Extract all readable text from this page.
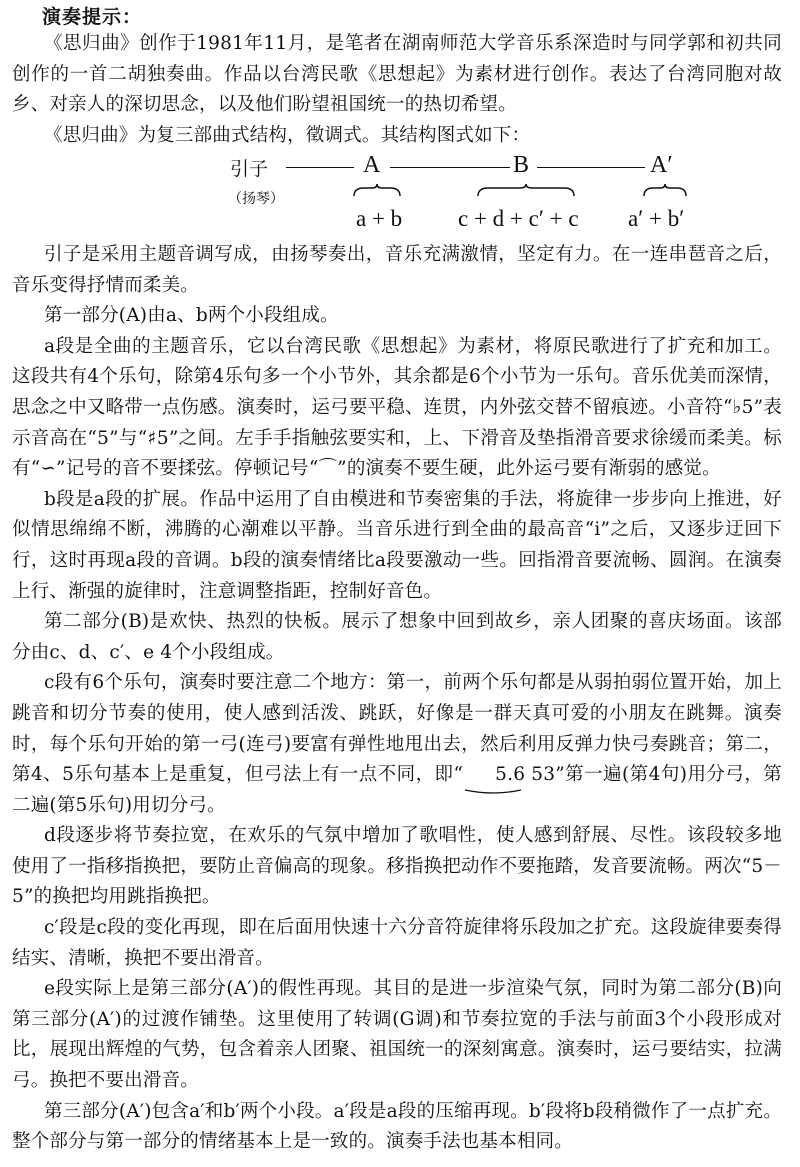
演奏提示：

《思归曲》创作于1981年11月，是笔者在湖南师范大学音乐系深造时与同学郭和初共同创作的一首二胡独奏曲。作品以台湾民歌《思想起》为素材进行创作。表达了台湾同胞对故乡、对亲人的深切思念，以及他们盼望祖国统一的热切希望。

《思归曲》为复三部曲式结构，徵调式。其结构图式如下：

引子
（扬琴）
A	B	A′
a + b c + d + c′ + c a′ + b′

引子是采用主题音调写成，由扬琴奏出，音乐充满激情，坚定有力。在一连串琶音之后，音乐变得抒情而柔美。

第一部分(A)由a、b两个小段组成。

a段是全曲的主题音乐，它以台湾民歌《思想起》为素材，将原民歌进行了扩充和加工。这段共有4个乐句，除第4乐句多一个小节外，其余都是6个小节为一乐句。音乐优美而深情，思念之中又略带一点伤感。演奏时，运弓要平稳、连贯，内外弦交替不留痕迹。小音符“♭5”表示音高在“5”与“♯5”之间。左手手指触弦要实和，上、下滑音及垫指滑音要求徐缓而柔美。标有“∽”记号的音不要揉弦。停顿记号“⌒”的演奏不要生硬，此外运弓要有渐弱的感觉。

b段是a段的扩展。作品中运用了自由模进和节奏密集的手法，将旋律一步步向上推进，好似情思绵绵不断，沸腾的心潮难以平静。当音乐进行到全曲的最高音“i”之后，又逐步迂回下行，这时再现a段的音调。b段的演奏情绪比a段要激动一些。回指滑音要流畅、圆润。在演奏上行、渐强的旋律时，注意调整指距，控制好音色。

第二部分(B)是欢快、热烈的快板。展示了想象中回到故乡，亲人团聚的喜庆场面。该部分由c、d、c′、e 4个小段组成。

c段有6个乐句，演奏时要注意二个地方：第一，前两个乐句都是从弱拍弱位置开始，加上跳音和切分节奏的使用，使人感到活泼、跳跃，好像是一群天真可爱的小朋友在跳舞。演奏时，每个乐句开始的第一弓(连弓)要富有弹性地甩出去，然后利用反弹力快弓奏跳音；第二，第4、5乐句基本上是重复，但弓法上有一点不同，即“ 5.6 53
”第一遍(第4句)用分弓，第二遍(第5乐句)用切分弓。

d段逐步将节奏拉宽，在欢乐的气氛中增加了歌唱性，使人感到舒展、尽性。该段较多地使用了一指移指换把，要防止音偏高的现象。移指换把动作不要拖踏，发音要流畅。两次“5－5”的换把均用跳指换把。

c′段是c段的变化再现，即在后面用快速十六分音符旋律将乐段加之扩充。这段旋律要奏得结实、清晰，换把不要出滑音。

e段实际上是第三部分(A′)的假性再现。其目的是进一步渲染气氛，同时为第二部分(B)向第三部分(A′)的过渡作铺垫。这里使用了转调(G调)和节奏拉宽的手法与前面3个小段形成对比，展现出辉煌的气势，包含着亲人团聚、祖国统一的深刻寓意。演奏时，运弓要结实，拉满弓。换把不要出滑音。

第三部分(A′)包含a′和b′两个小段。a′段是a段的压缩再现。b′段将b段稍微作了一点扩充。整个部分与第一部分的情绪基本上是一致的。演奏手法也基本相同。
